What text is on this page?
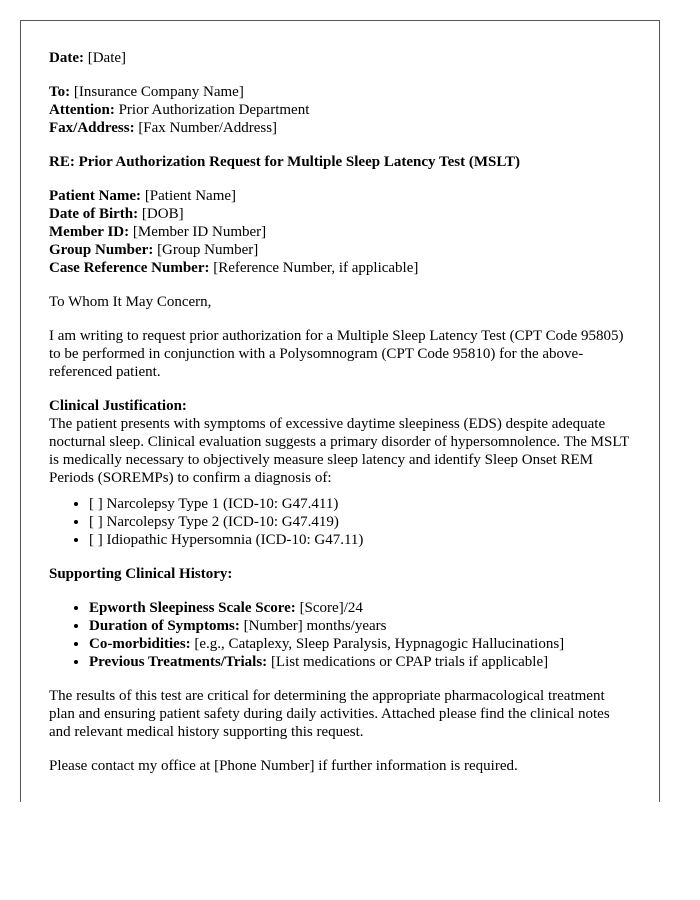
Date: [Date]

To: [Insurance Company Name]

Attention: Prior Authorization Department

Fax/Address: [Fax Number/Address]

RE: Prior Authorization Request for Multiple Sleep Latency Test (MSLT)

Patient Name: [Patient Name]

Date of Birth: [DOB]

Member ID: [Member ID Number]

Group Number: [Group Number]

Case Reference Number: [Reference Number, if applicable]

To Whom It May Concern,

I am writing to request prior authorization for a Multiple Sleep Latency Test (CPT Code 95805) to be performed in conjunction with a Polysomnogram (CPT Code 95810) for the above-referenced patient.

Clinical Justification:

The patient presents with symptoms of excessive daytime sleepiness (EDS) despite adequate nocturnal sleep. Clinical evaluation suggests a primary disorder of hypersomnolence. The MSLT is medically necessary to objectively measure sleep latency and identify Sleep Onset REM Periods (SOREMPs) to confirm a diagnosis of:

• [ ] Narcolepsy Type 1 (ICD-10: G47.411)
• [ ] Narcolepsy Type 2 (ICD-10: G47.419)
• [ ] Idiopathic Hypersomnia (ICD-10: G47.11)

Supporting Clinical History:

• Epworth Sleepiness Scale Score: [Score]/24
• Duration of Symptoms: [Number] months/years
• Co-morbidities: [e.g., Cataplexy, Sleep Paralysis, Hypnagogic Hallucinations]
• Previous Treatments/Trials: [List medications or CPAP trials if applicable]

The results of this test are critical for determining the appropriate pharmacological treatment plan and ensuring patient safety during daily activities. Attached please find the clinical notes and relevant medical history supporting this request.

Please contact my office at [Phone Number] if further information is required.
